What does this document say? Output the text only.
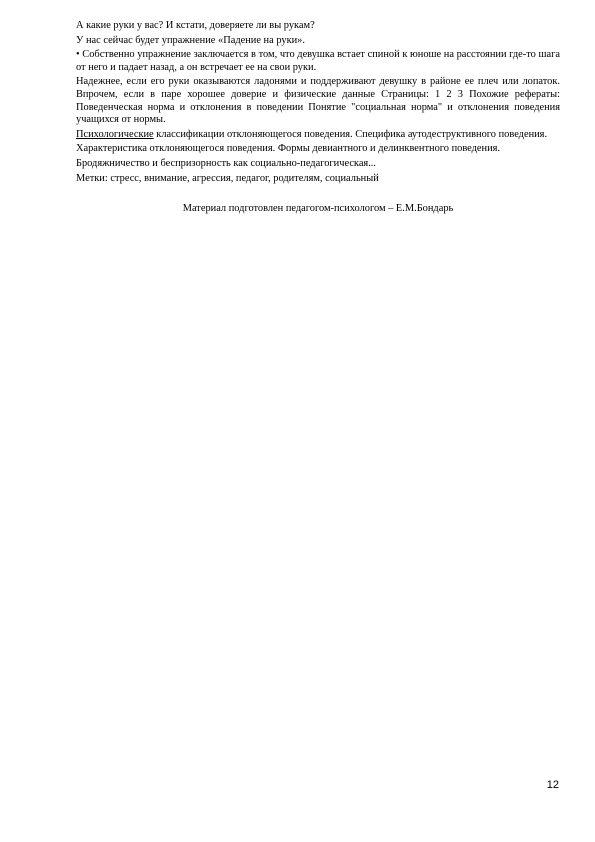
А какие руки у вас? И кстати, доверяете ли вы рукам?

У нас сейчас будет упражнение «Падение на руки».

• Собственно упражнение заключается в том, что девушка встает спиной к юноше на расстоянии где-то шага от него и падает назад, а он встречает ее на свои руки.

Надежнее, если его руки оказываются ладонями и поддерживают девушку в районе ее плеч или лопаток. Впрочем, если в паре хорошее доверие и физические данные Страницы: 1 2 3 Похожие рефераты: Поведенческая норма и отклонения в поведении Понятие "социальная норма" и отклонения поведения учащихся от нормы.

Психологические классификации отклоняющегося поведения. Специфика аутодеструктивного поведения.

Характеристика отклоняющегося поведения. Формы девиантного и делинквентного поведения.

Бродяжничество и беспризорность как социально-педагогическая...

Метки: стресс, внимание, агрессия, педагог, родителям, социальный

Материал подготовлен педагогом-психологом – Е.М.Бондарь

12
